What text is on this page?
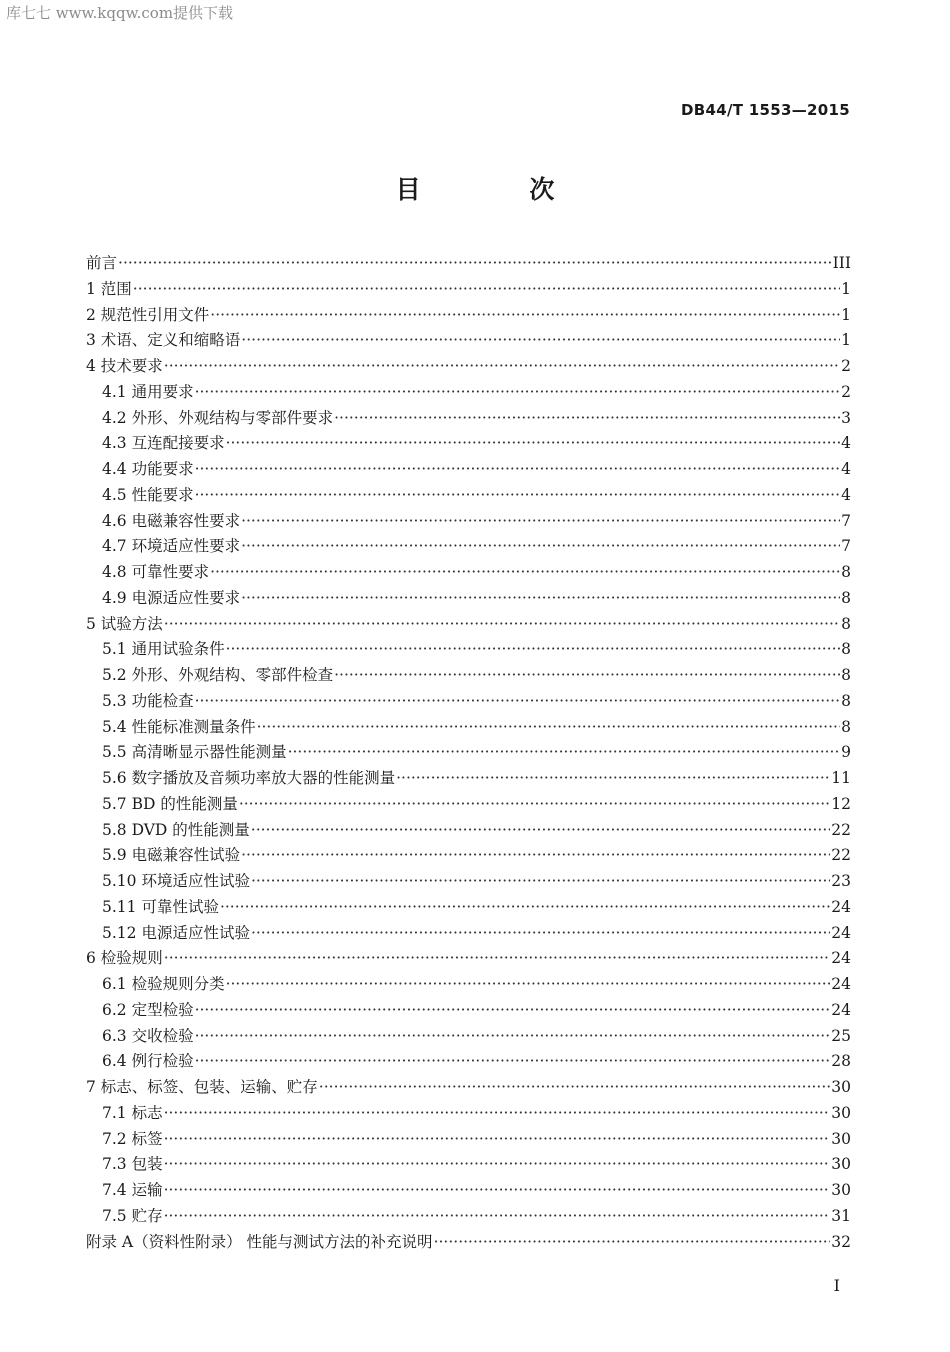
库七七 www.kqqw.com提供下载
DB44/T 1553—2015
目 次
前言 ·····	III
1 范围 ·····	1
2 规范性引用文件 ·····	1
3 术语、定义和缩略语 ·····	1
4 技术要求 ·····	2
4.1 通用要求 ·····	2
4.2 外形、外观结构与零部件要求 ·····	3
4.3 互连配接要求 ·····	4
4.4 功能要求 ·····	4
4.5 性能要求 ·····	4
4.6 电磁兼容性要求 ·····	7
4.7 环境适应性要求 ·····	7
4.8 可靠性要求 ·····	8
4.9 电源适应性要求 ·····	8
5 试验方法 ·····	8
5.1 通用试验条件 ·····	8
5.2 外形、外观结构、零部件检查 ·····	8
5.3 功能检查 ·····	8
5.4 性能标准测量条件 ·····	8
5.5 高清晰显示器性能测量 ·····	9
5.6 数字播放及音频功率放大器的性能测量 ·····	11
5.7 BD 的性能测量 ·····	12
5.8 DVD 的性能测量 ·····	22
5.9 电磁兼容性试验 ·····	22
5.10 环境适应性试验 ·····	23
5.11 可靠性试验 ·····	24
5.12 电源适应性试验 ·····	24
6 检验规则 ·····	24
6.1 检验规则分类 ·····	24
6.2 定型检验 ·····	24
6.3 交收检验 ·····	25
6.4 例行检验 ·····	28
7 标志、标签、包装、运输、贮存 ·····	30
7.1 标志 ·····	30
7.2 标签 ·····	30
7.3 包装 ·····	30
7.4 运输 ·····	30
7.5 贮存 ·····	31
附录 A（资料性附录） 性能与测试方法的补充说明 ·····	32
I
